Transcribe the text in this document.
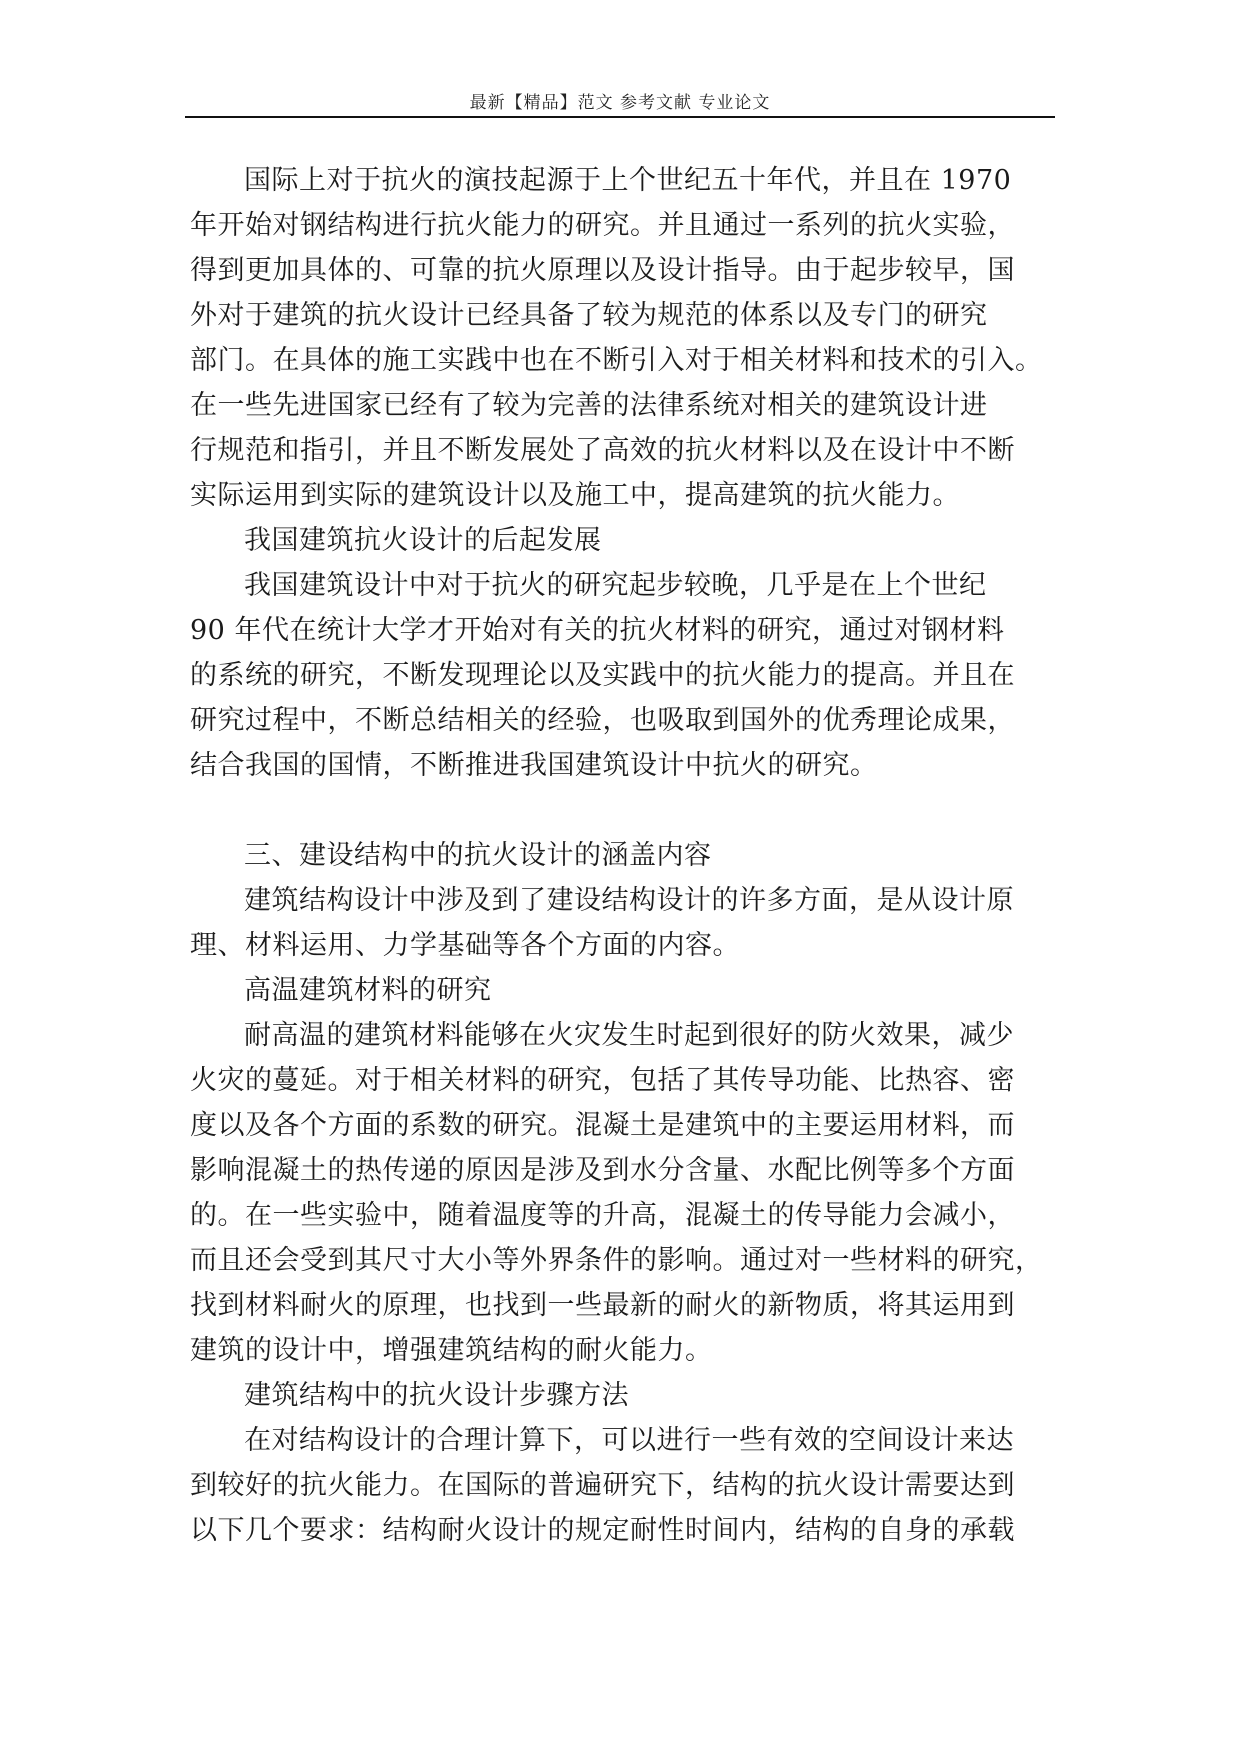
最新【精品】范文 参考文献 专业论文
国际上对于抗火的演技起源于上个世纪五十年代，并且在 1970
年开始对钢结构进行抗火能力的研究。并且通过一系列的抗火实验，
得到更加具体的、可靠的抗火原理以及设计指导。由于起步较早，国
外对于建筑的抗火设计已经具备了较为规范的体系以及专门的研究
部门。在具体的施工实践中也在不断引入对于相关材料和技术的引入。
在一些先进国家已经有了较为完善的法律系统对相关的建筑设计进
行规范和指引，并且不断发展处了高效的抗火材料以及在设计中不断
实际运用到实际的建筑设计以及施工中，提高建筑的抗火能力。
我国建筑抗火设计的后起发展
我国建筑设计中对于抗火的研究起步较晚，几乎是在上个世纪
90 年代在统计大学才开始对有关的抗火材料的研究，通过对钢材料
的系统的研究，不断发现理论以及实践中的抗火能力的提高。并且在
研究过程中，不断总结相关的经验，也吸取到国外的优秀理论成果，
结合我国的国情，不断推进我国建筑设计中抗火的研究。
三、建设结构中的抗火设计的涵盖内容
建筑结构设计中涉及到了建设结构设计的许多方面，是从设计原
理、材料运用、力学基础等各个方面的内容。
高温建筑材料的研究
耐高温的建筑材料能够在火灾发生时起到很好的防火效果，减少
火灾的蔓延。对于相关材料的研究，包括了其传导功能、比热容、密
度以及各个方面的系数的研究。混凝土是建筑中的主要运用材料，而
影响混凝土的热传递的原因是涉及到水分含量、水配比例等多个方面
的。在一些实验中，随着温度等的升高，混凝土的传导能力会减小，
而且还会受到其尺寸大小等外界条件的影响。通过对一些材料的研究，
找到材料耐火的原理，也找到一些最新的耐火的新物质，将其运用到
建筑的设计中，增强建筑结构的耐火能力。
建筑结构中的抗火设计步骤方法
在对结构设计的合理计算下，可以进行一些有效的空间设计来达
到较好的抗火能力。在国际的普遍研究下，结构的抗火设计需要达到
以下几个要求：结构耐火设计的规定耐性时间内，结构的自身的承载
